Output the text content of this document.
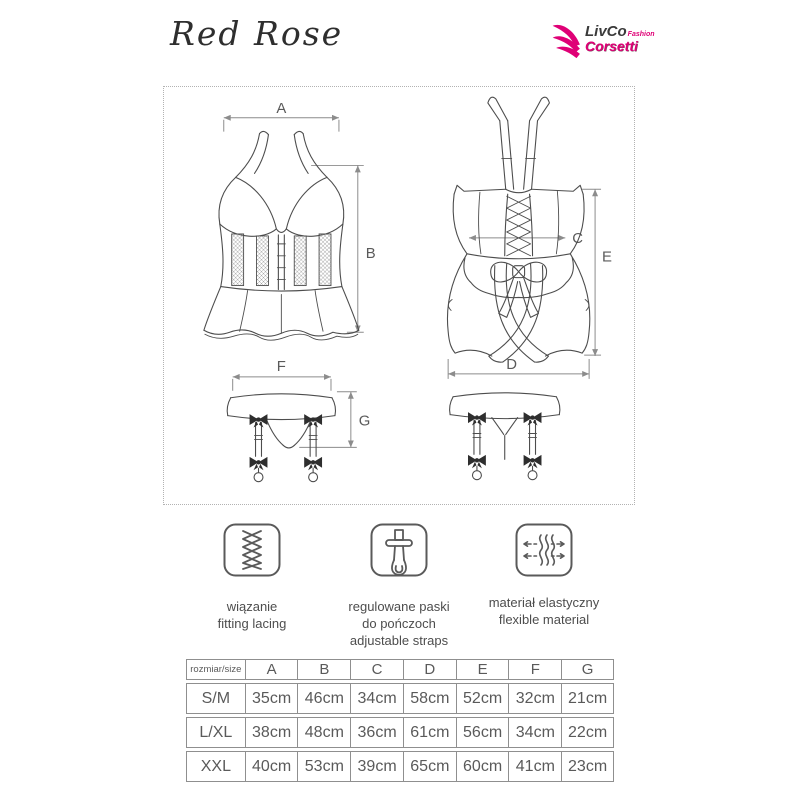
Red Rose	LivCoFashion
Corsetti
A
B
C
E
D
F
G
wiązanie
fitting lacing
regulowane paski
do pończoch
adjustable straps
materiał elastyczny
flexible material
rozmiar/size	A	B	C	D	E	F	G
S/M	35cm 46cm 34cm 58cm 52cm 32cm 21cm
L/XL	38cm 48cm 36cm 61cm 56cm 34cm 22cm
XXL	40cm 53cm 39cm 65cm 60cm 41cm 23cm
